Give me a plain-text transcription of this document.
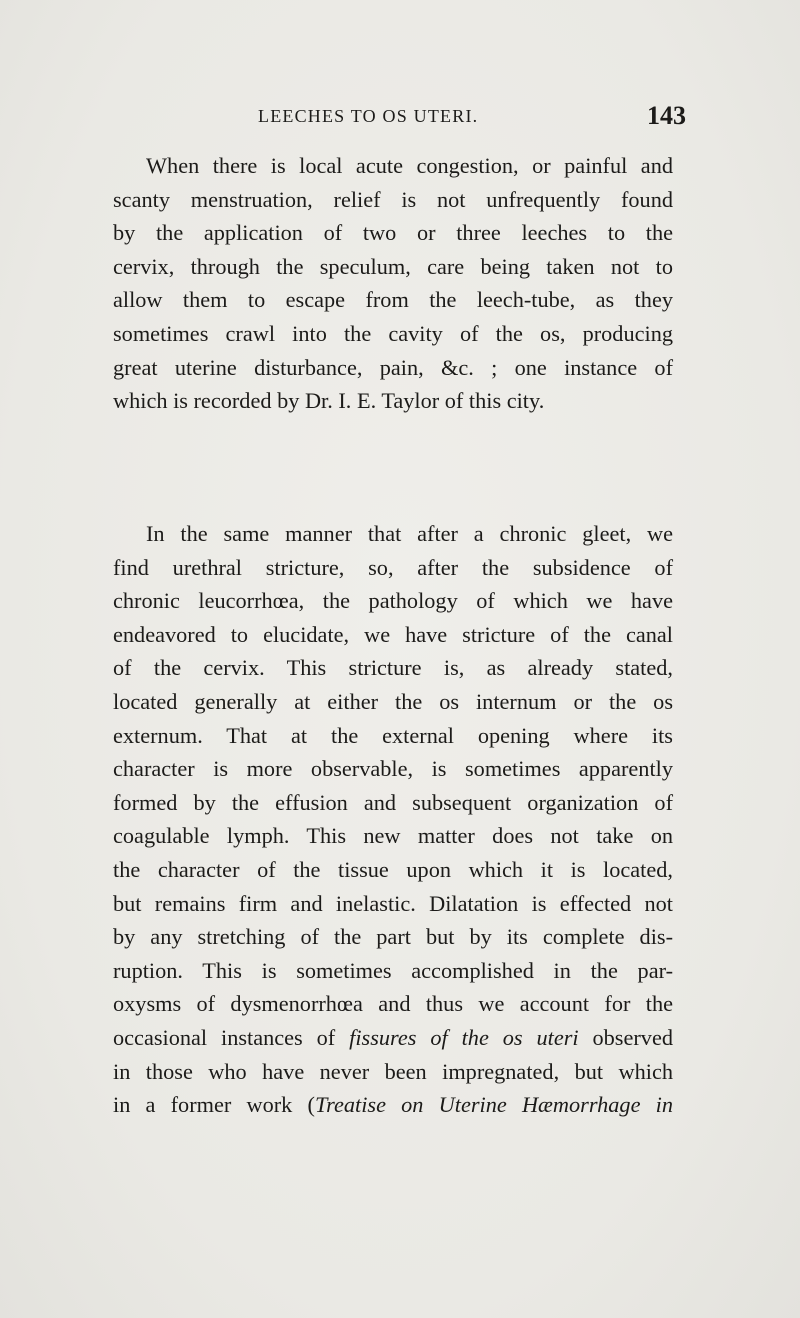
LEECHES TO OS UTERI.	143
When there is local acute congestion, or painful and
scanty menstruation, relief is not unfrequently found
by the application of two or three leeches to the
cervix, through the speculum, care being taken not to
allow them to escape from the leech-tube, as they
sometimes crawl into the cavity of the os, producing
great uterine disturbance, pain, &c. ; one instance of
which is recorded by Dr. I. E. Taylor of this city.
In the same manner that after a chronic gleet, we
find urethral stricture, so, after the subsidence of
chronic leucorrhœa, the pathology of which we have
endeavored to elucidate, we have stricture of the canal
of the cervix. This stricture is, as already stated,
located generally at either the os internum or the os
externum. That at the external opening where its
character is more observable, is sometimes apparently
formed by the effusion and subsequent organization of
coagulable lymph. This new matter does not take on
the character of the tissue upon which it is located,
but remains firm and inelastic. Dilatation is effected not
by any stretching of the part but by its complete dis-
ruption. This is sometimes accomplished in the par-
oxysms of dysmenorrhœa and thus we account for the
occasional instances of fissures of the os uteri observed
in those who have never been impregnated, but which
in a former work (Treatise on Uterine Hæmorrhage in
